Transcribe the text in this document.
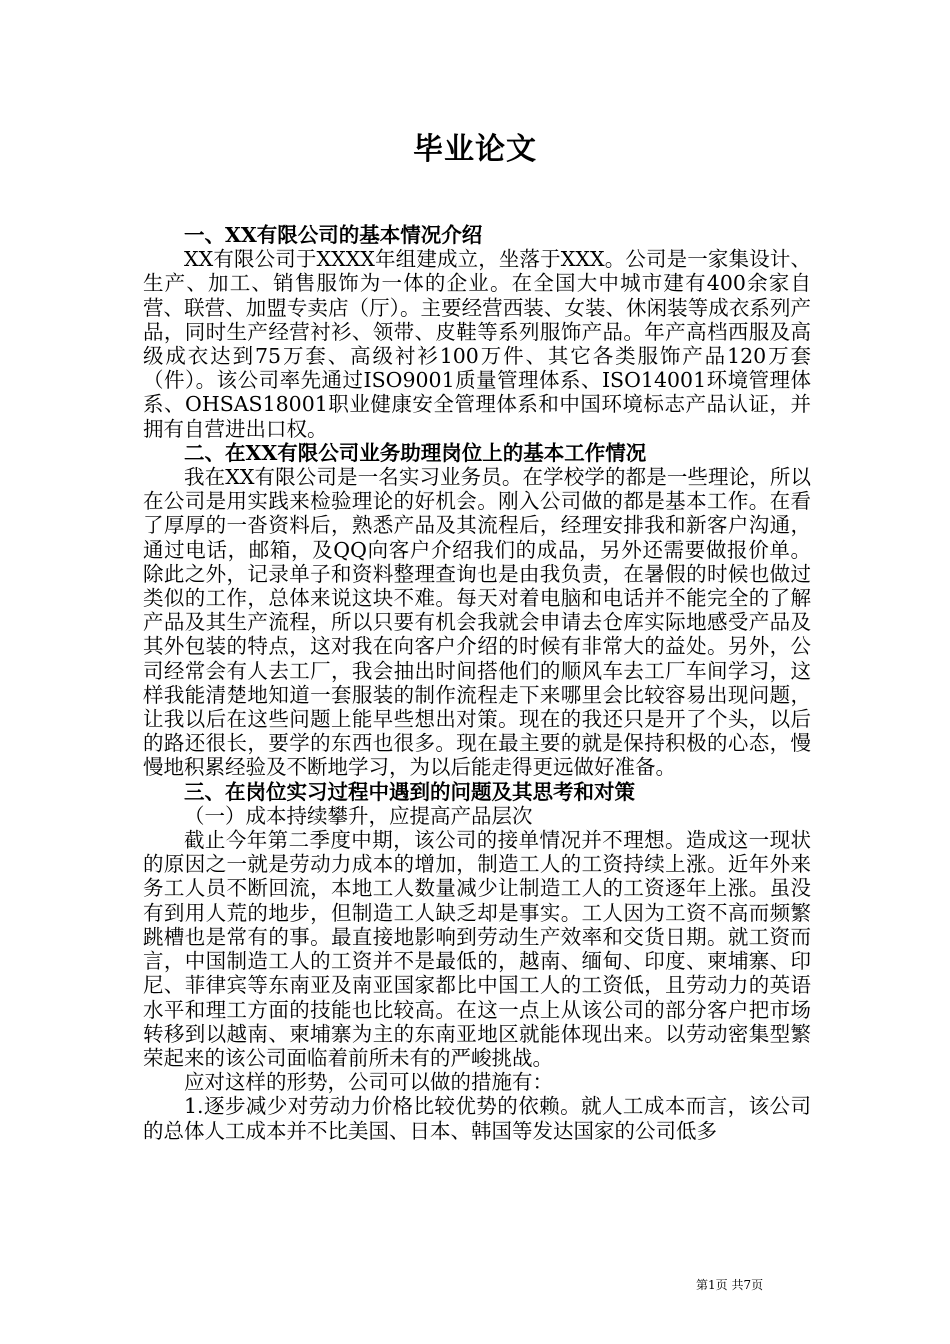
毕业论文

一、XX有限公司的基本情况介绍

XX有限公司于XXXX年组建成立，坐落于XXX。公司是一家集设计、生产、加工、销售服饰为一体的企业。在全国大中城市建有400余家自营、联营、加盟专卖店（厅）。主要经营西装、女装、休闲装等成衣系列产品，同时生产经营衬衫、领带、皮鞋等系列服饰产品。年产高档西服及高级成衣达到75万套、高级衬衫100万件、其它各类服饰产品120万套（件）。该公司率先通过ISO9001质量管理体系、ISO14001环境管理体系、OHSAS18001职业健康安全管理体系和中国环境标志产品认证，并拥有自营进出口权。

二、在XX有限公司业务助理岗位上的基本工作情况

我在XX有限公司是一名实习业务员。在学校学的都是一些理论，所以在公司是用实践来检验理论的好机会。刚入公司做的都是基本工作。在看了厚厚的一沓资料后，熟悉产品及其流程后，经理安排我和新客户沟通，通过电话，邮箱，及QQ向客户介绍我们的成品，另外还需要做报价单。除此之外，记录单子和资料整理查询也是由我负责，在暑假的时候也做过类似的工作，总体来说这块不难。每天对着电脑和电话并不能完全的了解产品及其生产流程，所以只要有机会我就会申请去仓库实际地感受产品及其外包装的特点，这对我在向客户介绍的时候有非常大的益处。另外，公司经常会有人去工厂，我会抽出时间搭他们的顺风车去工厂车间学习，这样我能清楚地知道一套服装的制作流程走下来哪里会比较容易出现问题，让我以后在这些问题上能早些想出对策。现在的我还只是开了个头，以后的路还很长，要学的东西也很多。现在最主要的就是保持积极的心态，慢慢地积累经验及不断地学习，为以后能走得更远做好准备。

三、在岗位实习过程中遇到的问题及其思考和对策

（一）成本持续攀升，应提高产品层次

截止今年第二季度中期，该公司的接单情况并不理想。造成这一现状的原因之一就是劳动力成本的增加，制造工人的工资持续上涨。近年外来务工人员不断回流，本地工人数量减少让制造工人的工资逐年上涨。虽没有到用人荒的地步，但制造工人缺乏却是事实。工人因为工资不高而频繁跳槽也是常有的事。最直接地影响到劳动生产效率和交货日期。就工资而言，中国制造工人的工资并不是最低的，越南、缅甸、印度、柬埔寨、印尼、菲律宾等东南亚及南亚国家都比中国工人的工资低，且劳动力的英语水平和理工方面的技能也比较高。在这一点上从该公司的部分客户把市场转移到以越南、柬埔寨为主的东南亚地区就能体现出来。以劳动密集型繁荣起来的该公司面临着前所未有的严峻挑战。

应对这样的形势，公司可以做的措施有：

1.逐步减少对劳动力价格比较优势的依赖。就人工成本而言，该公司的总体人工成本并不比美国、日本、韩国等发达国家的公司低多

第1页 共7页
